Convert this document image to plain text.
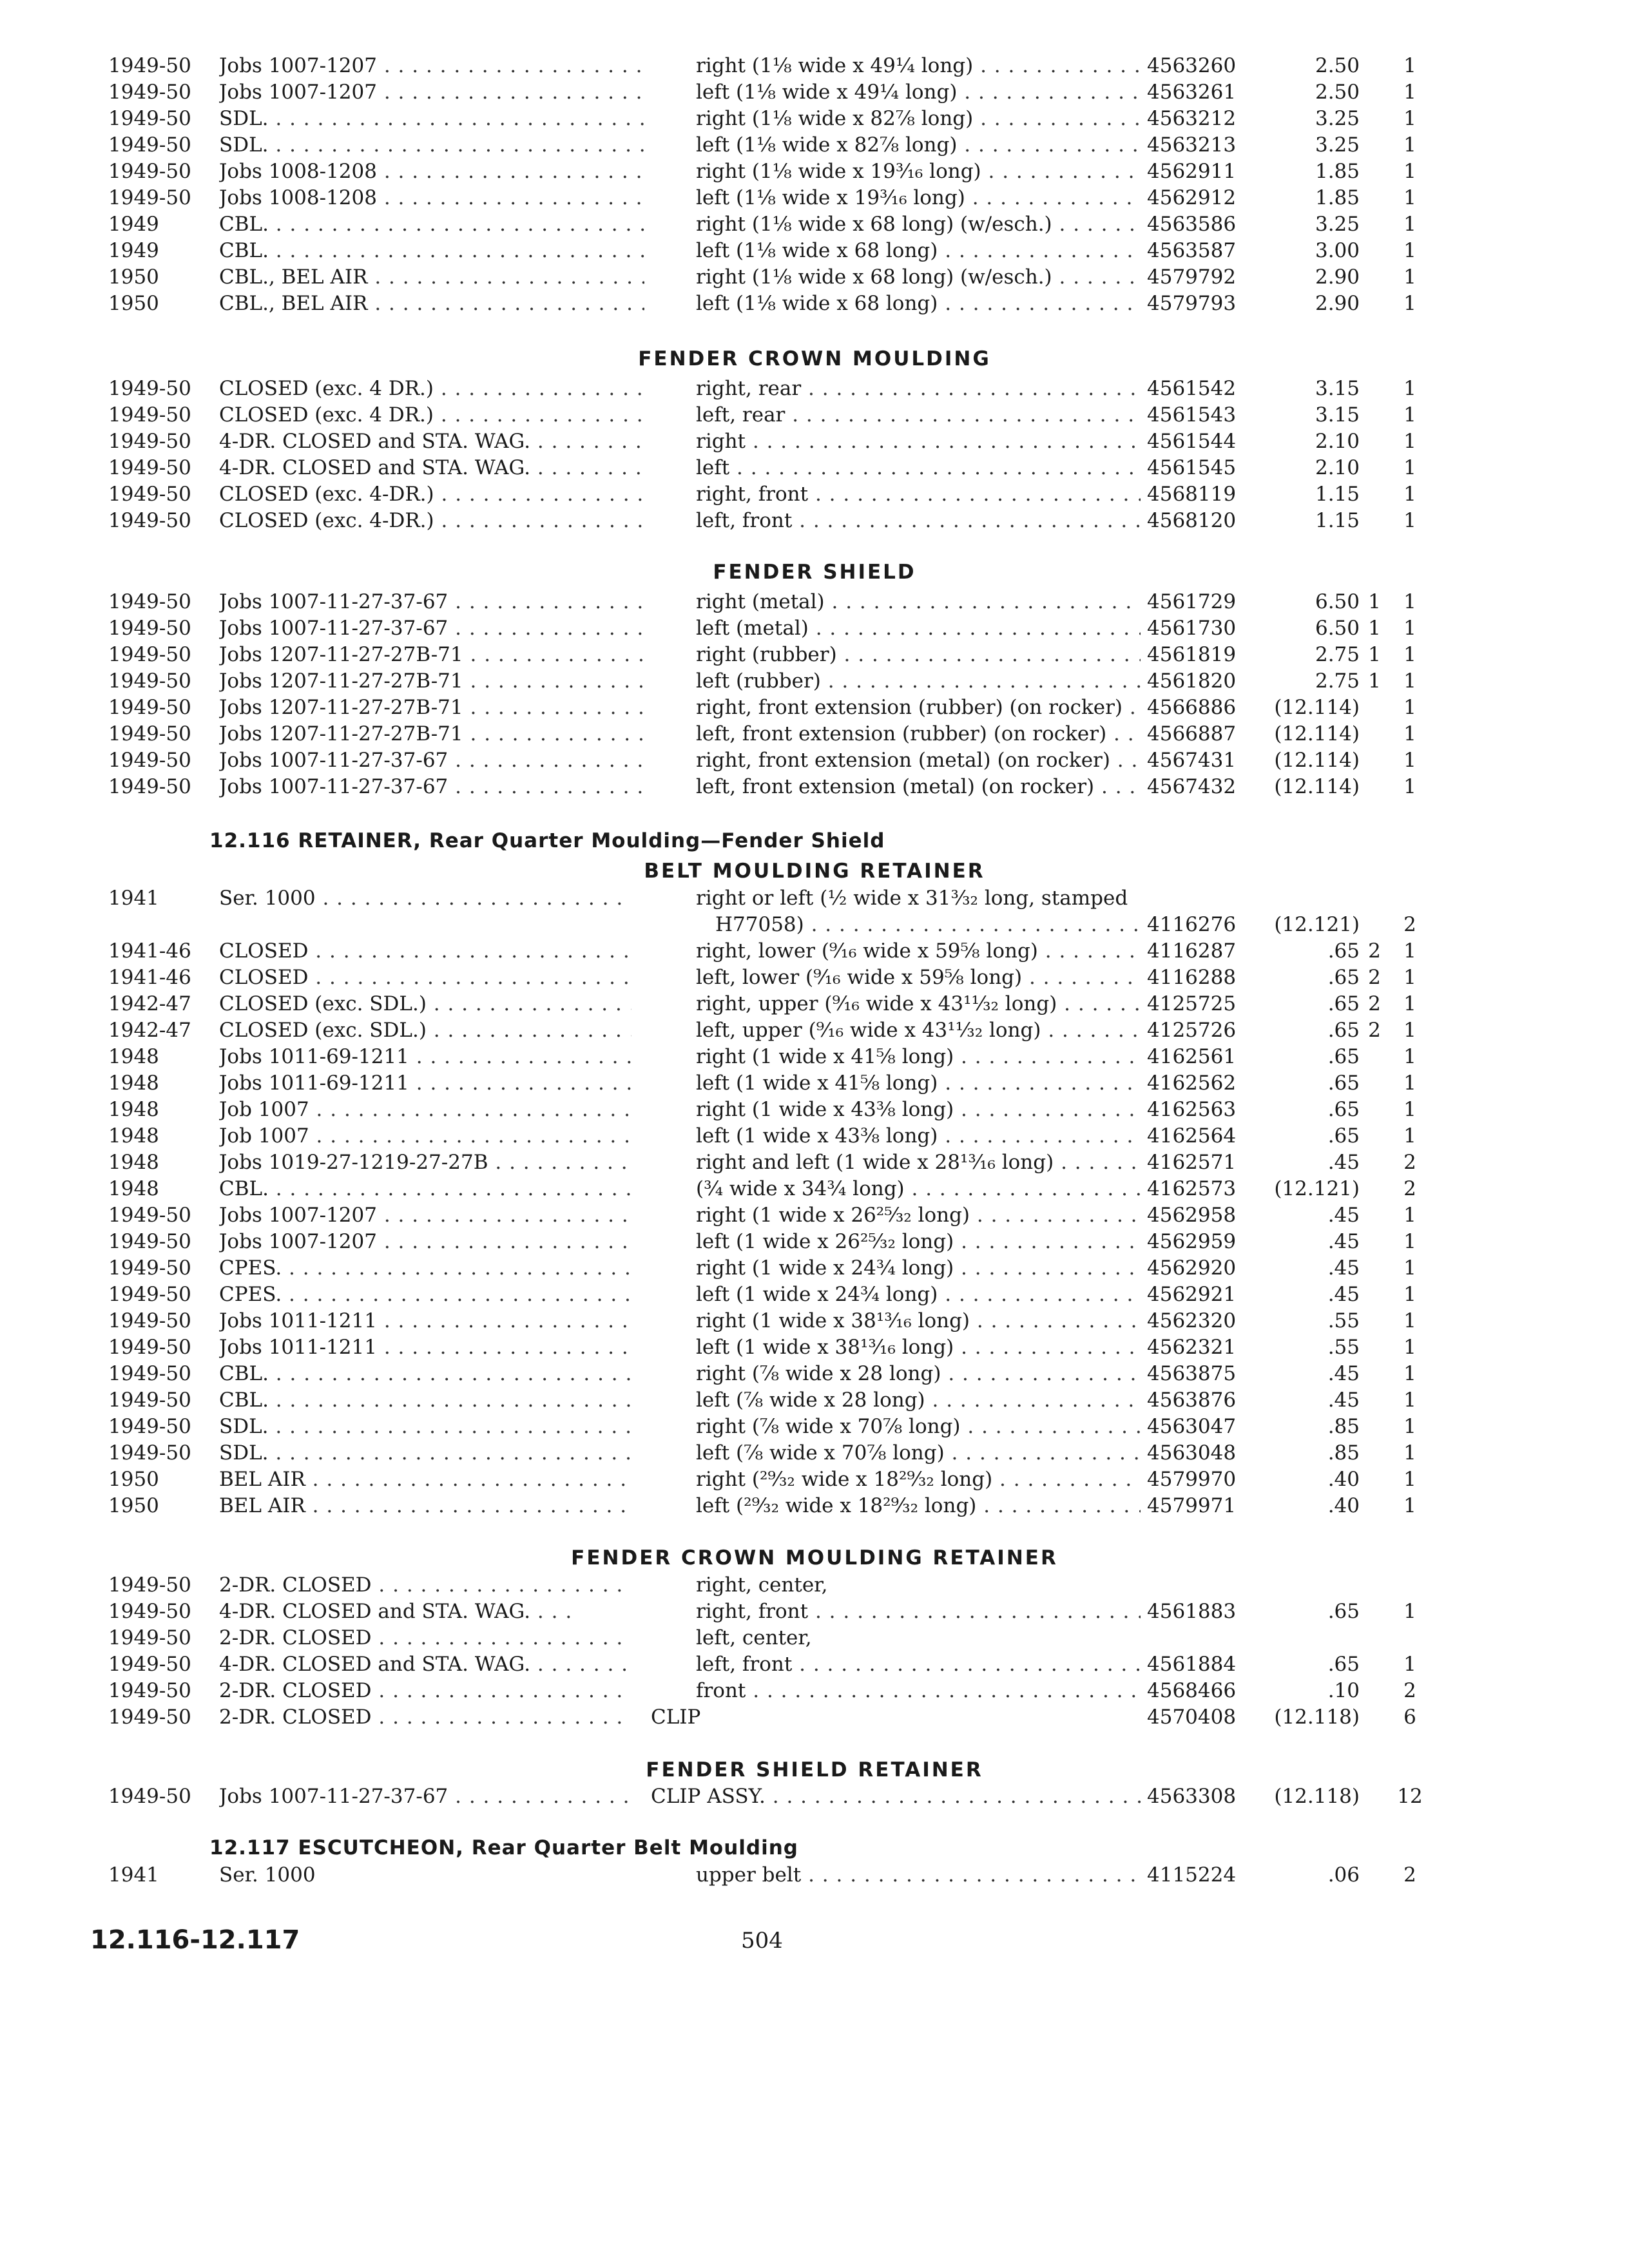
1949-50	Jobs 1007-1207 . . .	right (1⅛ wide x 49¼ long) . . .	4563260	2.50	1
1949-50	Jobs 1007-1207 . . .	left (1⅛ wide x 49¼ long) . . .	4563261	2.50	1
1949-50	SDL. . . .	right (1⅛ wide x 82⅞ long) . . .	4563212	3.25	1
1949-50	SDL. . . .	left (1⅛ wide x 82⅞ long) . . .	4563213	3.25	1
1949-50	Jobs 1008-1208 . . .	right (1⅛ wide x 19³⁄₁₆ long) . . .	4562911	1.85	1
1949-50	Jobs 1008-1208 . . .	left (1⅛ wide x 19³⁄₁₆ long) . . .	4562912	1.85	1
1949	CBL. . . .	right (1⅛ wide x 68 long) (w/esch.) . . .	4563586	3.25	1
1949	CBL. . . .	left (1⅛ wide x 68 long) . . .	4563587	3.00	1
1950	CBL., BEL AIR . . .	right (1⅛ wide x 68 long) (w/esch.) . . .	4579792	2.90	1
1950	CBL., BEL AIR . . .	left (1⅛ wide x 68 long) . . .	4579793	2.90	1
FENDER CROWN MOULDING
1949-50	CLOSED (exc. 4 DR.) . . .	right, rear . . .	4561542	3.15	1
1949-50	CLOSED (exc. 4 DR.) . . .	left, rear . . .	4561543	3.15	1
1949-50	4-DR. CLOSED and STA. WAG. . . .	right . . .	4561544	2.10	1
1949-50	4-DR. CLOSED and STA. WAG. . . .	left . . .	4561545	2.10	1
1949-50	CLOSED (exc. 4-DR.) . . .	right, front . . .	4568119	1.15	1
1949-50	CLOSED (exc. 4-DR.) . . .	left, front . . .	4568120	1.15	1
FENDER SHIELD
1949-50	Jobs 1007-11-27-37-67 . . .	right (metal) . . .	4561729	6.50 1	1
1949-50	Jobs 1007-11-27-37-67 . . .	left (metal) . . .	4561730	6.50 1	1
1949-50	Jobs 1207-11-27-27B-71 . . .	right (rubber) . . .	4561819	2.75 1	1
1949-50	Jobs 1207-11-27-27B-71 . . .	left (rubber) . . .	4561820	2.75 1	1
1949-50	Jobs 1207-11-27-27B-71 . . .	right, front extension (rubber) (on rocker) . . .	4566886	(12.114)	1
1949-50	Jobs 1207-11-27-27B-71 . . .	left, front extension (rubber) (on rocker) . . .	4566887	(12.114)	1
1949-50	Jobs 1007-11-27-37-67 . . .	right, front extension (metal) (on rocker) . . .	4567431	(12.114)	1
1949-50	Jobs 1007-11-27-37-67 . . .	left, front extension (metal) (on rocker) . . .	4567432	(12.114)	1
12.116 RETAINER, Rear Quarter Moulding—Fender Shield
BELT MOULDING RETAINER
1941	Ser. 1000 . . .	right or left (½ wide x 31³⁄₃₂ long, stamped
H77058) . . .	4116276	(12.121)	2
1941-46	CLOSED . . .	right, lower (⁹⁄₁₆ wide x 59⅝ long) . . .	4116287	.65 2	1
1941-46	CLOSED . . .	left, lower (⁹⁄₁₆ wide x 59⅝ long) . . .	4116288	.65 2	1
1942-47	CLOSED (exc. SDL.) . . .	right, upper (⁹⁄₁₆ wide x 43¹¹⁄₃₂ long) . . .	4125725	.65 2	1
1942-47	CLOSED (exc. SDL.) . . .	left, upper (⁹⁄₁₆ wide x 43¹¹⁄₃₂ long) . . .	4125726	.65 2	1
1948	Jobs 1011-69-1211 . . .	right (1 wide x 41⅝ long) . . .	4162561	.65	1
1948	Jobs 1011-69-1211 . . .	left (1 wide x 41⅝ long) . . .	4162562	.65	1
1948	Job 1007 . . .	right (1 wide x 43⅜ long) . . .	4162563	.65	1
1948	Job 1007 . . .	left (1 wide x 43⅜ long) . . .	4162564	.65	1
1948	Jobs 1019-27-1219-27-27B . . .	right and left (1 wide x 28¹³⁄₁₆ long) . . .	4162571	.45	2
1948	CBL. . . .	(¾ wide x 34¾ long) . . .	4162573	(12.121)	2
1949-50	Jobs 1007-1207 . . .	right (1 wide x 26²⁵⁄₃₂ long) . . .	4562958	.45	1
1949-50	Jobs 1007-1207 . . .	left (1 wide x 26²⁵⁄₃₂ long) . . .	4562959	.45	1
1949-50	CPES. . . .	right (1 wide x 24¾ long) . . .	4562920	.45	1
1949-50	CPES. . . .	left (1 wide x 24¾ long) . . .	4562921	.45	1
1949-50	Jobs 1011-1211 . . .	right (1 wide x 38¹³⁄₁₆ long) . . .	4562320	.55	1
1949-50	Jobs 1011-1211 . . .	left (1 wide x 38¹³⁄₁₆ long) . . .	4562321	.55	1
1949-50	CBL. . . .	right (⅞ wide x 28 long) . . .	4563875	.45	1
1949-50	CBL. . . .	left (⅞ wide x 28 long) . . .	4563876	.45	1
1949-50	SDL. . . .	right (⅞ wide x 70⅞ long) . . .	4563047	.85	1
1949-50	SDL. . . .	left (⅞ wide x 70⅞ long) . . .	4563048	.85	1
1950	BEL AIR . . .	right (²⁹⁄₃₂ wide x 18²⁹⁄₃₂ long) . . .	4579970	.40	1
1950	BEL AIR . . .	left (²⁹⁄₃₂ wide x 18²⁹⁄₃₂ long) . . .	4579971	.40	1
FENDER CROWN MOULDING RETAINER
1949-50	2-DR. CLOSED . . .	right, center,
1949-50	4-DR. CLOSED and STA. WAG. . . .	right, front . . .	4561883	.65	1
1949-50	2-DR. CLOSED . . .	left, center,
1949-50	4-DR. CLOSED and STA. WAG. . . .	left, front . . .	4561884	.65	1
1949-50	2-DR. CLOSED . . .	front . . .	4568466	.10	2
1949-50	2-DR. CLOSED . . .	CLIP	4570408	(12.118)	6
FENDER SHIELD RETAINER
1949-50	Jobs 1007-11-27-37-67 . . .	CLIP ASSY. . . .	4563308	(12.118) 12
12.117 ESCUTCHEON, Rear Quarter Belt Moulding
1941	Ser. 1000	upper belt . . .	4115224	.06	2
12.116-12.117	504
